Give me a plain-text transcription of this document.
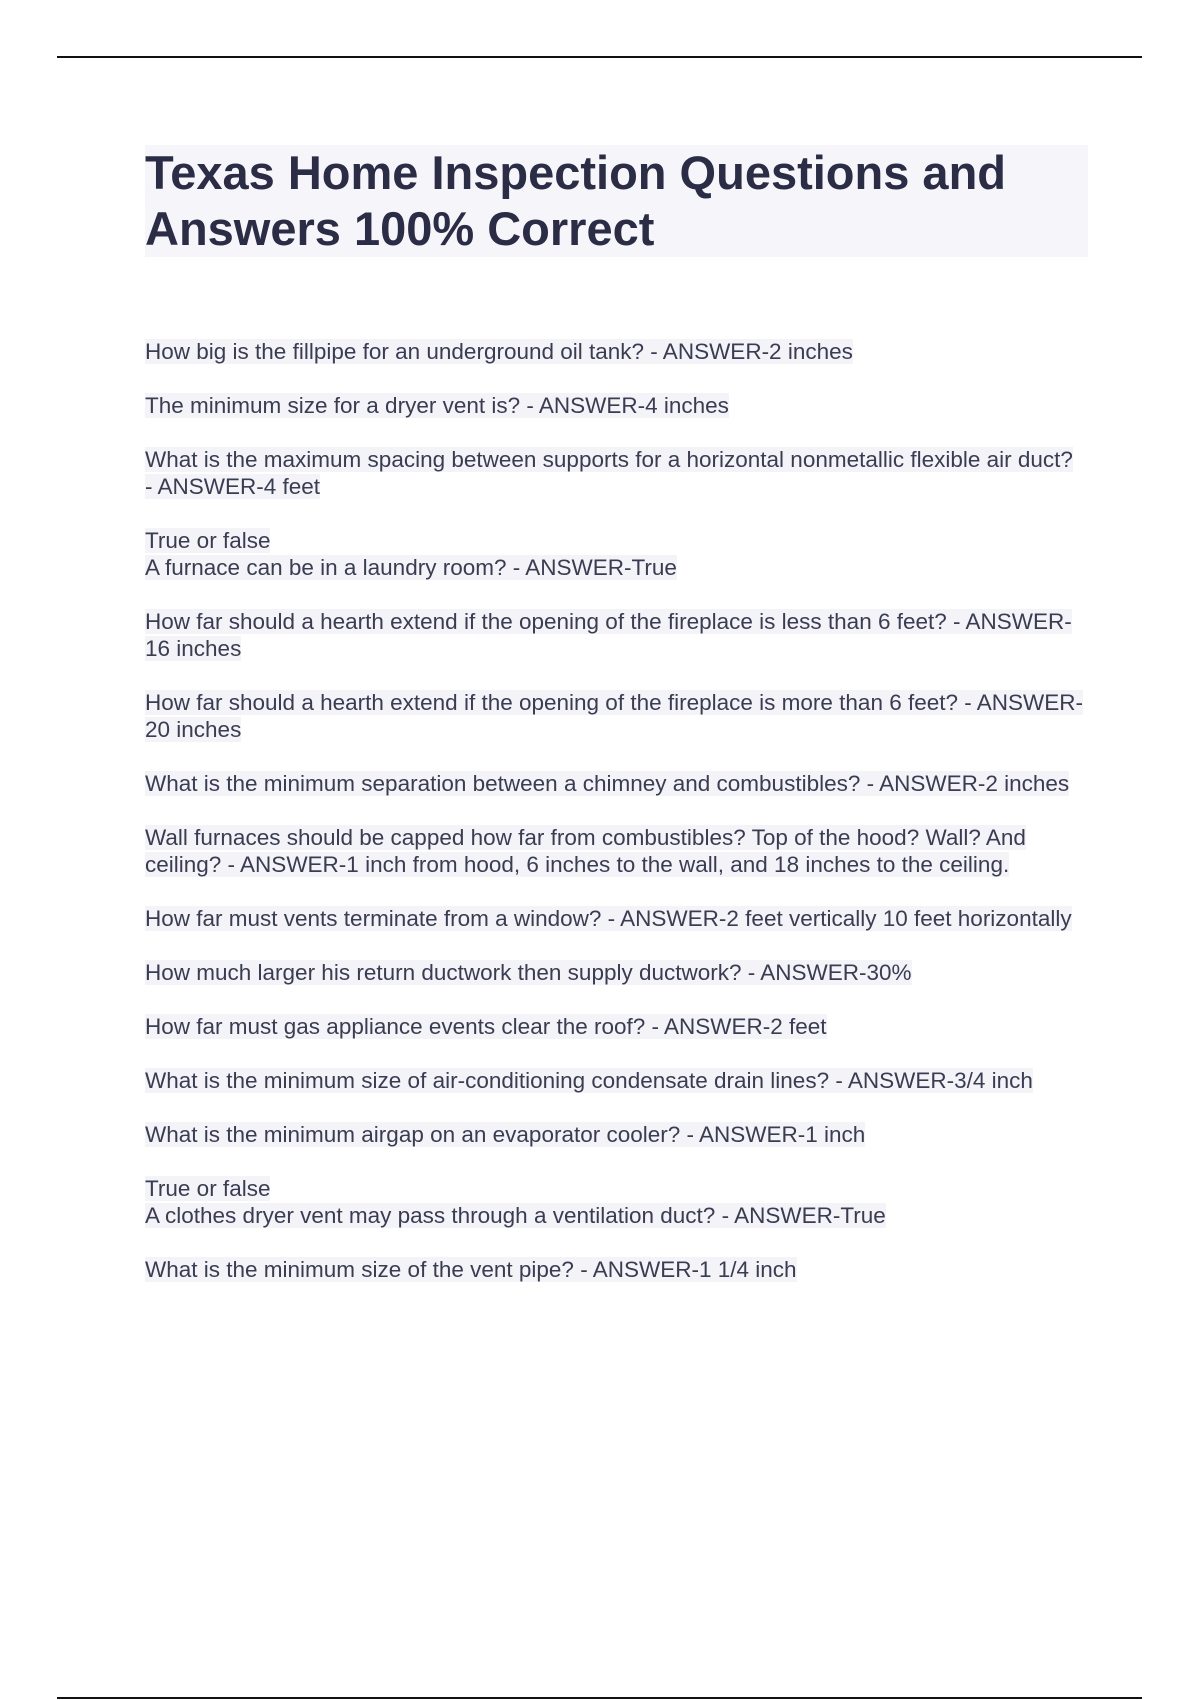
Texas Home Inspection Questions and Answers 100% Correct
How big is the fillpipe for an underground oil tank? - ANSWER-2 inches
The minimum size for a dryer vent is? - ANSWER-4 inches
What is the maximum spacing between supports for a horizontal nonmetallic flexible air duct? - ANSWER-4 feet
True or false
A furnace can be in a laundry room? - ANSWER-True
How far should a hearth extend if the opening of the fireplace is less than 6 feet? - ANSWER-16 inches
How far should a hearth extend if the opening of the fireplace is more than 6 feet? - ANSWER-20 inches
What is the minimum separation between a chimney and combustibles? - ANSWER-2 inches
Wall furnaces should be capped how far from combustibles? Top of the hood? Wall? And ceiling? - ANSWER-1 inch from hood, 6 inches to the wall, and 18 inches to the ceiling.
How far must vents terminate from a window? - ANSWER-2 feet vertically 10 feet horizontally
How much larger his return ductwork then supply ductwork? - ANSWER-30%
How far must gas appliance events clear the roof? - ANSWER-2 feet
What is the minimum size of air-conditioning condensate drain lines? - ANSWER-3/4 inch
What is the minimum airgap on an evaporator cooler? - ANSWER-1 inch
True or false
A clothes dryer vent may pass through a ventilation duct? - ANSWER-True
What is the minimum size of the vent pipe? - ANSWER-1 1/4 inch
